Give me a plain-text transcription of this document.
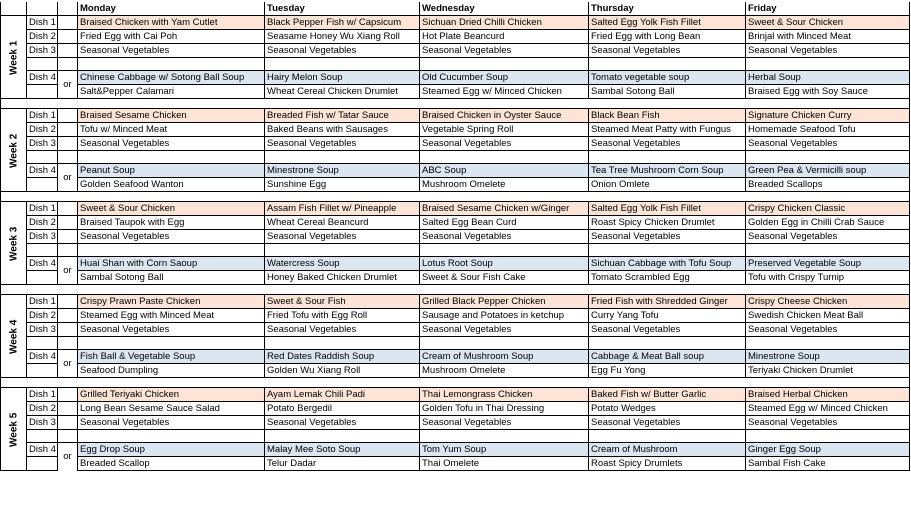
			Monday	Tuesday	Wednesday	Thursday	Friday
Week 1	Dish 1		Braised Chicken with Yam Cutlet	Black Pepper Fish w/ Capsicum	Sichuan Dried Chilli Chicken	Salted Egg Yolk Fish Fillet	Sweet & Sour Chicken
	Dish 2		Fried Egg with Cai Poh	Seasame Honey Wu Xiang Roll	Hot Plate Beancurd	Fried Egg with Long Bean	Brinjal with Minced Meat
	Dish 3		Seasonal Vegetables	Seasonal Vegetables	Seasonal Vegetables	Seasonal Vegetables	Seasonal Vegetables

	Dish 4	or	Chinese Cabbage w/ Sotong Ball Soup	Hairy Melon Soup	Old Cucumber Soup	Tomato vegetable soup	Herbal Soup
			Salt&Pepper Calamari	Wheat Cereal Chicken Drumlet	Steamed Egg w/ Minced Chicken	Sambal Sotong Ball	Braised Egg with Soy Sauce

Week 2	Dish 1		Braised Sesame Chicken	Breaded Fish w/ Tatar Sauce	Braised Chicken in Oyster Sauce	Black Bean Fish	Signature Chicken Curry
	Dish 2		Tofu w/ Minced Meat	Baked Beans with Sausages	Vegetable Spring Roll	Steamed Meat Patty with Fungus	Homemade Seafood Tofu
	Dish 3		Seasonal Vegetables	Seasonal Vegetables	Seasonal Vegetables	Seasonal Vegetables	Seasonal Vegetables

	Dish 4	or	Peanut Soup	Minestrone Soup	ABC Soup	Tea Tree Mushroom Corn Soup	Green Pea & Vermicilli soup
			Golden Seafood Wanton	Sunshine Egg	Mushroom Omelete	Onion Omlete	Breaded Scallops

Week 3	Dish 1		Sweet & Sour Chicken	Assam Fish Fillet w/ Pineapple	Braised Sesame Chicken w/Ginger	Salted Egg Yolk Fish Fillet	Crispy Chicken Classic
	Dish 2		Braised Taupok with Egg	Wheat Cereal Beancurd	Salted Egg Bean Curd	Roast Spicy Chicken Drumlet	Golden Egg in Chilli Crab Sauce
	Dish 3		Seasonal Vegetables	Seasonal Vegetables	Seasonal Vegetables	Seasonal Vegetables	Seasonal Vegetables

	Dish 4	or	Huai Shan with Corn Saoup	Watercress Soup	Lotus Root Soup	Sichuan Cabbage with Tofu Soup	Preserved Vegetable Soup
			Sambal Sotong Ball	Honey Baked Chicken Drumlet	Sweet & Sour Fish Cake	Tomato Scrambled Egg	Tofu with Crispy Turnip

Week 4	Dish 1		Crispy Prawn Paste Chicken	Sweet & Sour Fish	Grilled Black Pepper Chicken	Fried Fish with Shredded Ginger	Crispy Cheese Chicken
	Dish 2		Steamed Egg with Minced Meat	Fried Tofu with Egg Roll	Sausage and Potatoes in ketchup	Curry Yang Tofu	Swedish Chicken Meat Ball
	Dish 3		Seasonal Vegetables	Seasonal Vegetables	Seasonal Vegetables	Seasonal Vegetables	Seasonal Vegetables

	Dish 4	or	Fish Ball & Vegetable Soup	Red Dates Raddish Soup	Cream of Mushroom Soup	Cabbage & Meat Ball soup	Minestrone Soup
			Seafood Dumpling	Golden Wu Xiang Roll	Mushroom Omelete	Egg Fu Yong	Teriyaki Chicken Drumlet

Week 5	Dish 1		Grilled Teriyaki Chicken	Ayam Lemak Chili Padi	Thai Lemongrass Chicken	Baked Fish w/ Butter Garlic	Braised Herbal Chicken
	Dish 2		Long Bean Sesame Sauce Salad	Potato Bergedil	Golden Tofu in Thai Dressing	Potato Wedges	Steamed Egg w/ Minced Chicken
	Dish 3		Seasonal Vegetables	Seasonal Vegetables	Seasonal Vegetables	Seasonal Vegetables	Seasonal Vegetables

	Dish 4	or	Egg Drop Soup	Malay Mee Soto Soup	Tom Yum Soup	Cream of Mushroom	Ginger Egg Soup
			Breaded Scallop	Telur Dadar	Thai Omelete	Roast Spicy Drumlets	Sambal Fish Cake
